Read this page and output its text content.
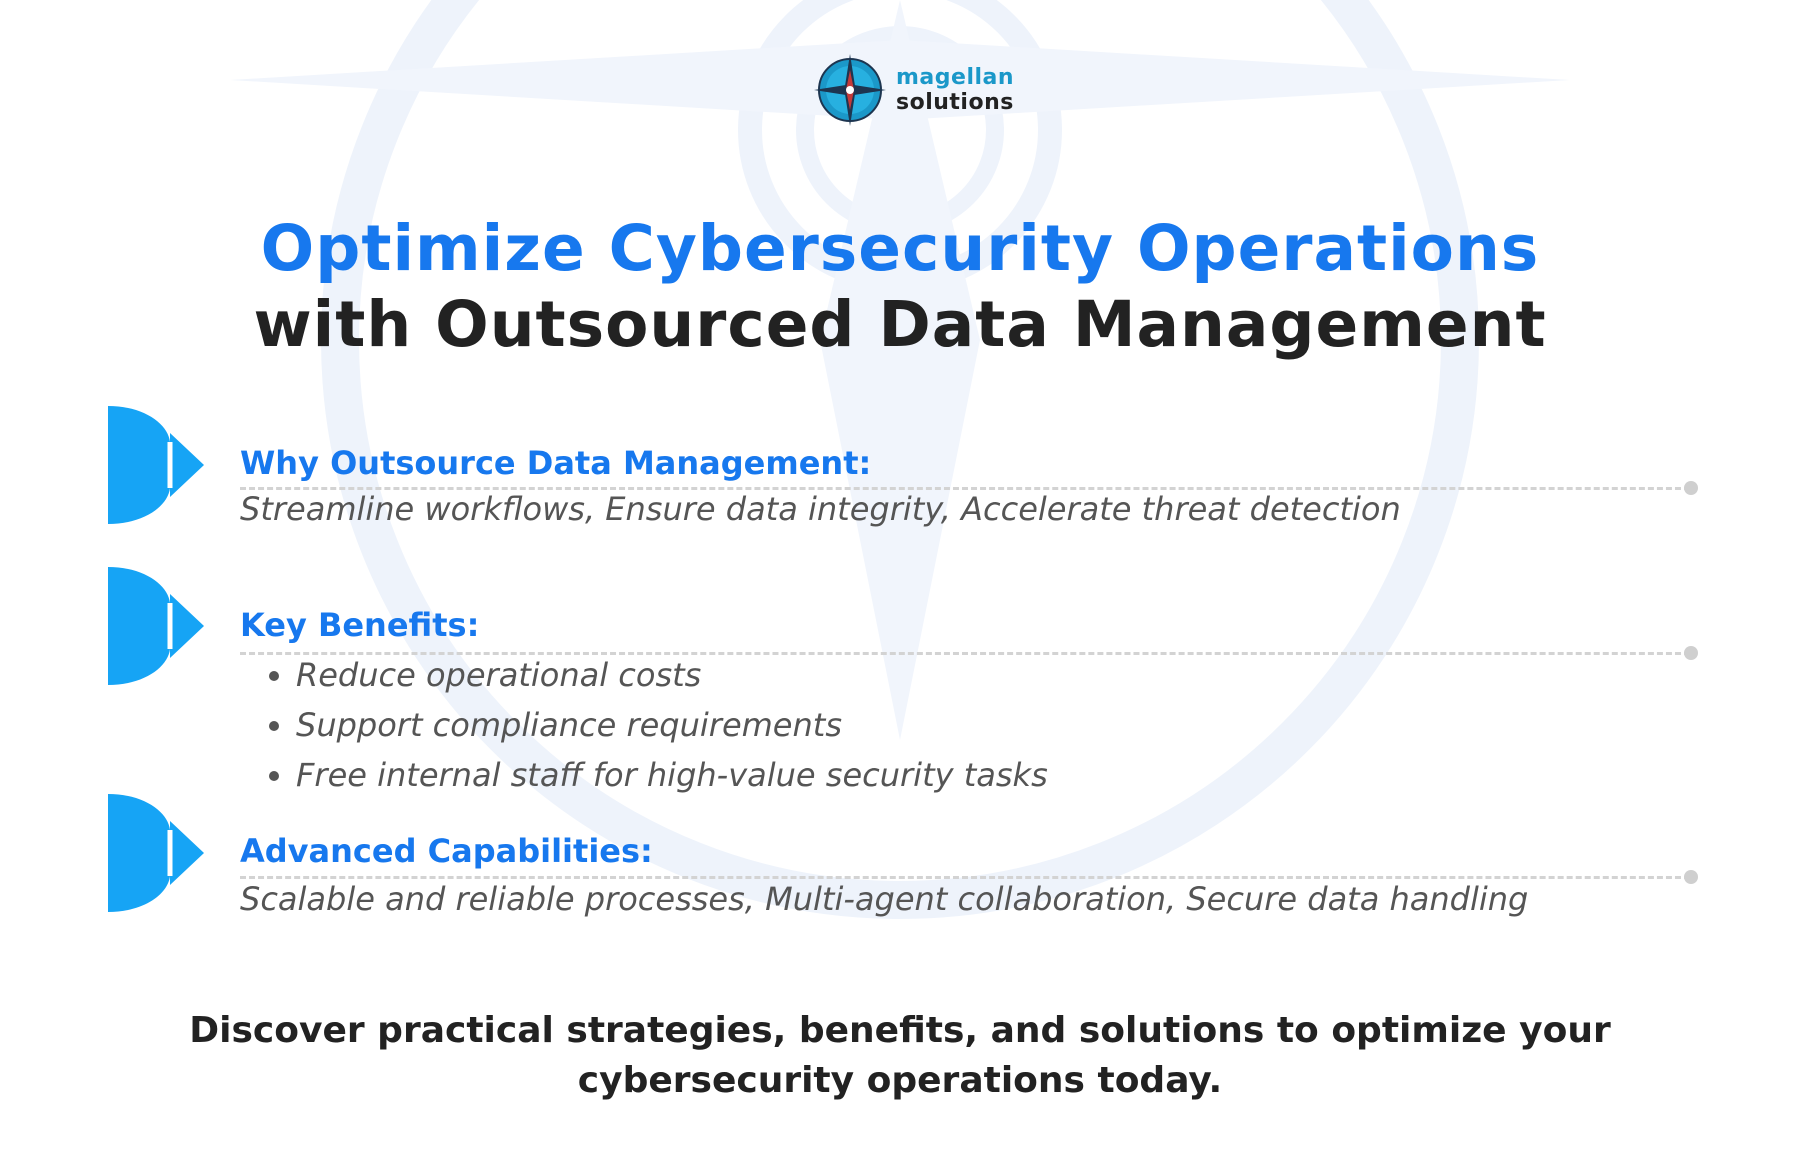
magellan
solutions
Optimize Cybersecurity Operations
with Outsourced Data Management
Why Outsource Data Management:
Streamline workflows, Ensure data integrity, Accelerate threat detection
Key Benefits:
• Reduce operational costs
• Support compliance requirements
• Free internal staff for high-value security tasks
Advanced Capabilities:
Scalable and reliable processes, Multi-agent collaboration, Secure data handling
Discover practical strategies, benefits, and solutions to optimize your
cybersecurity operations today.
